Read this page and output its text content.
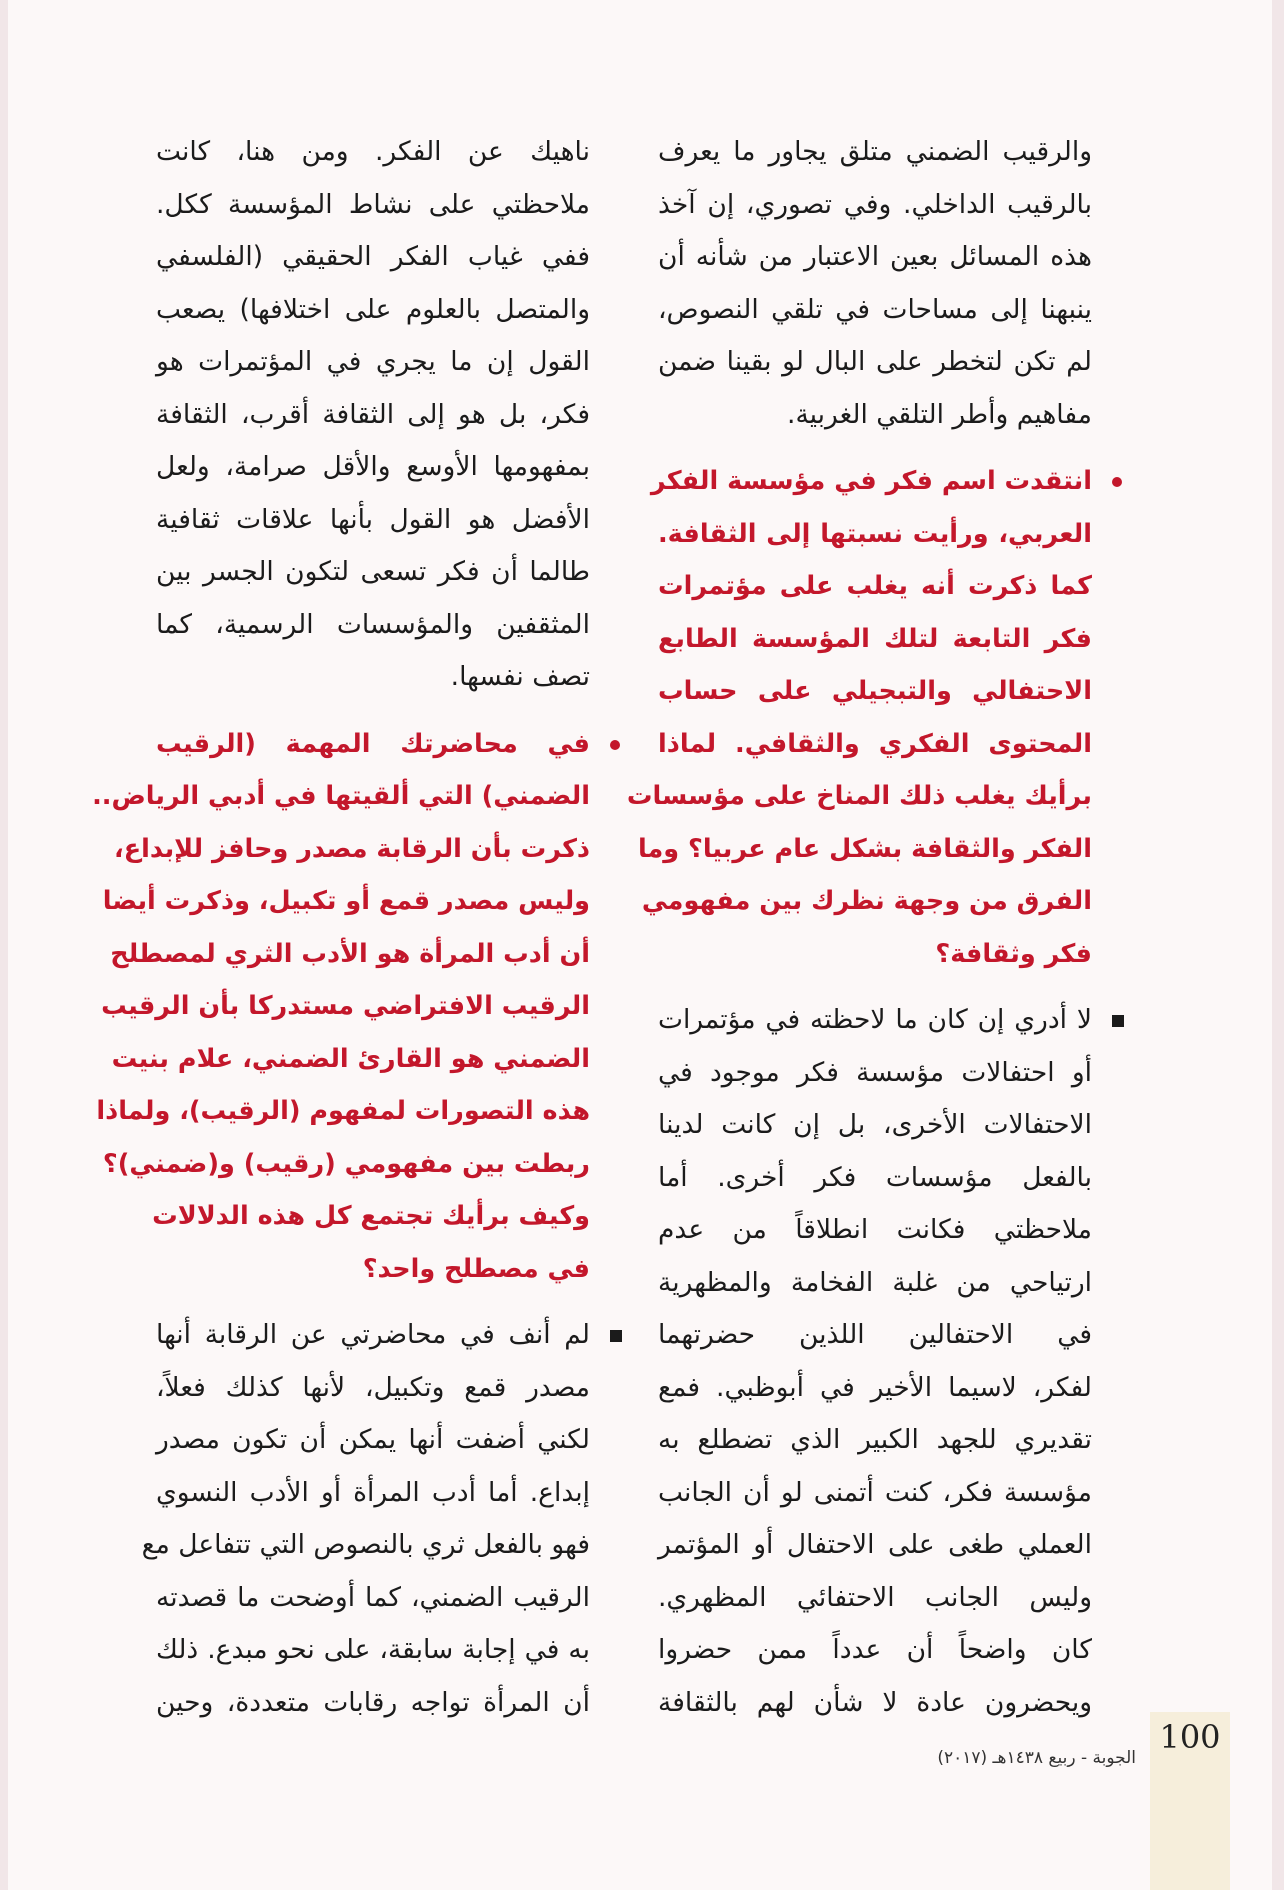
والرقيب الضمني متلق يجاور ما يعرف
بالرقيب الداخلي. وفي تصوري، إن آخذ
هذه المسائل بعين الاعتبار من شأنه أن
ينبهنا إلى مساحات في تلقي النصوص،
لم تكن لتخطر على البال لو بقينا ضمن
مفاهيم وأطر التلقي الغربية.
انتقدت اسم فكر في مؤسسة الفكر
العربي، ورأيت نسبتها إلى الثقافة.
كما ذكرت أنه يغلب على مؤتمرات
فكر التابعة لتلك المؤسسة الطابع
الاحتفالي والتبجيلي على حساب
المحتوى الفكري والثقافي. لماذا
برأيك يغلب ذلك المناخ على مؤسسات
الفكر والثقافة بشكل عام عربيا؟ وما
الفرق من وجهة نظرك بين مفهومي
فكر وثقافة؟
لا أدري إن كان ما لاحظته في مؤتمرات
أو احتفالات مؤسسة فكر موجود في
الاحتفالات الأخرى، بل إن كانت لدينا
بالفعل مؤسسات فكر أخرى. أما
ملاحظتي فكانت انطلاقاً من عدم
ارتياحي من غلبة الفخامة والمظهرية
في الاحتفالين اللذين حضرتهما
لفكر، لاسيما الأخير في أبوظبي. فمع
تقديري للجهد الكبير الذي تضطلع به
مؤسسة فكر، كنت أتمنى لو أن الجانب
العملي طغى على الاحتفال أو المؤتمر
وليس الجانب الاحتفائي المظهري.
كان واضحاً أن عدداً ممن حضروا
ويحضرون عادة لا شأن لهم بالثقافة
ناهيك عن الفكر. ومن هنا، كانت
ملاحظتي على نشاط المؤسسة ككل.
ففي غياب الفكر الحقيقي (الفلسفي
والمتصل بالعلوم على اختلافها) يصعب
القول إن ما يجري في المؤتمرات هو
فكر، بل هو إلى الثقافة أقرب، الثقافة
بمفهومها الأوسع والأقل صرامة، ولعل
الأفضل هو القول بأنها علاقات ثقافية
طالما أن فكر تسعى لتكون الجسر بين
المثقفين والمؤسسات الرسمية، كما
تصف نفسها.
في محاضرتك المهمة (الرقيب
الضمني) التي ألقيتها في أدبي الرياض..
ذكرت بأن الرقابة مصدر وحافز للإبداع،
وليس مصدر قمع أو تكبيل، وذكرت أيضا
أن أدب المرأة هو الأدب الثري لمصطلح
الرقيب الافتراضي مستدركا بأن الرقيب
الضمني هو القارئ الضمني، علام بنيت
هذه التصورات لمفهوم (الرقيب)، ولماذا
ربطت بين مفهومي (رقيب) و(ضمني)؟
وكيف برأيك تجتمع كل هذه الدلالات
في مصطلح واحد؟
لم أنف في محاضرتي عن الرقابة أنها
مصدر قمع وتكبيل، لأنها كذلك فعلاً،
لكني أضفت أنها يمكن أن تكون مصدر
إبداع. أما أدب المرأة أو الأدب النسوي
فهو بالفعل ثري بالنصوص التي تتفاعل مع
الرقيب الضمني، كما أوضحت ما قصدته
به في إجابة سابقة، على نحو مبدع. ذلك
أن المرأة تواجه رقابات متعددة، وحين
100
الجوبة - ربيع ١٤٣٨هـ (٢٠١٧)
